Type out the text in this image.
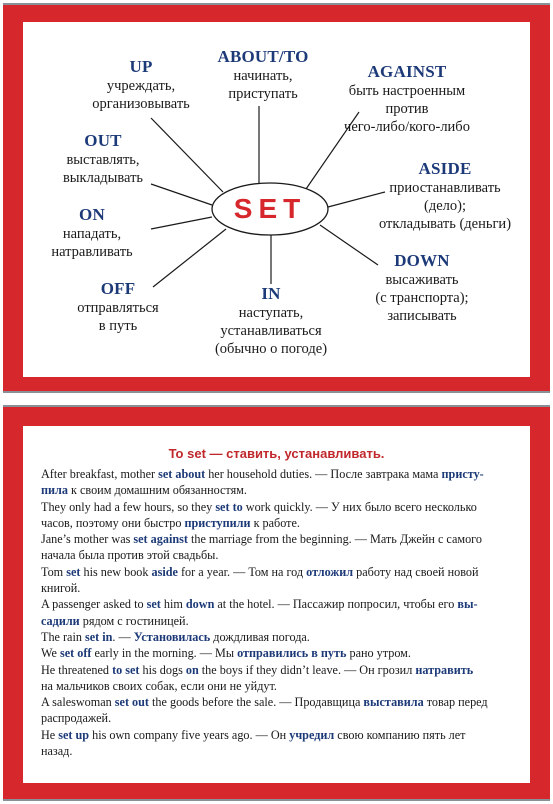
SET
UP
учреждать,
организовывать
ABOUT/TO
начинать,
приступать
AGAINST
быть настроенным
против
чего-либо/кого-либо
OUT
выставлять,
выкладывать	ASIDE
приостанавливать
(дело);
откладывать (деньги)
ON
нападать,
натравливать	DOWN
высаживать
(с транспорта);
записывать
OFF
отправляться
в путь
IN
наступать,
устанавливаться
(обычно о погоде)
To set — ставить, устанавливать.
After breakfast, mother set about her household duties. — После завтрака мама присту-
пила к своим домашним обязанностям.
They only had a few hours, so they set to work quickly. — У них было всего несколько
часов, поэтому они быстро приступили к работе.
Jane’s mother was set against the marriage from the beginning. — Мать Джейн с самого
начала была против этой свадьбы.
Tom set his new book aside for a year. — Том на год отложил работу над своей новой
книгой.
A passenger asked to set him down at the hotel. — Пассажир попросил, чтобы его вы-
садили рядом с гостиницей.
The rain set in. — Установилась дождливая погода.
We set off early in the morning. — Мы отправились в путь рано утром.
He threatened to set his dogs on the boys if they didn’t leave. — Он грозил натравить
на мальчиков своих собак, если они не уйдут.
A saleswoman set out the goods before the sale. — Продавщица выставила товар перед
распродажей.
He set up his own company five years ago. — Он учредил свою компанию пять лет
назад.
